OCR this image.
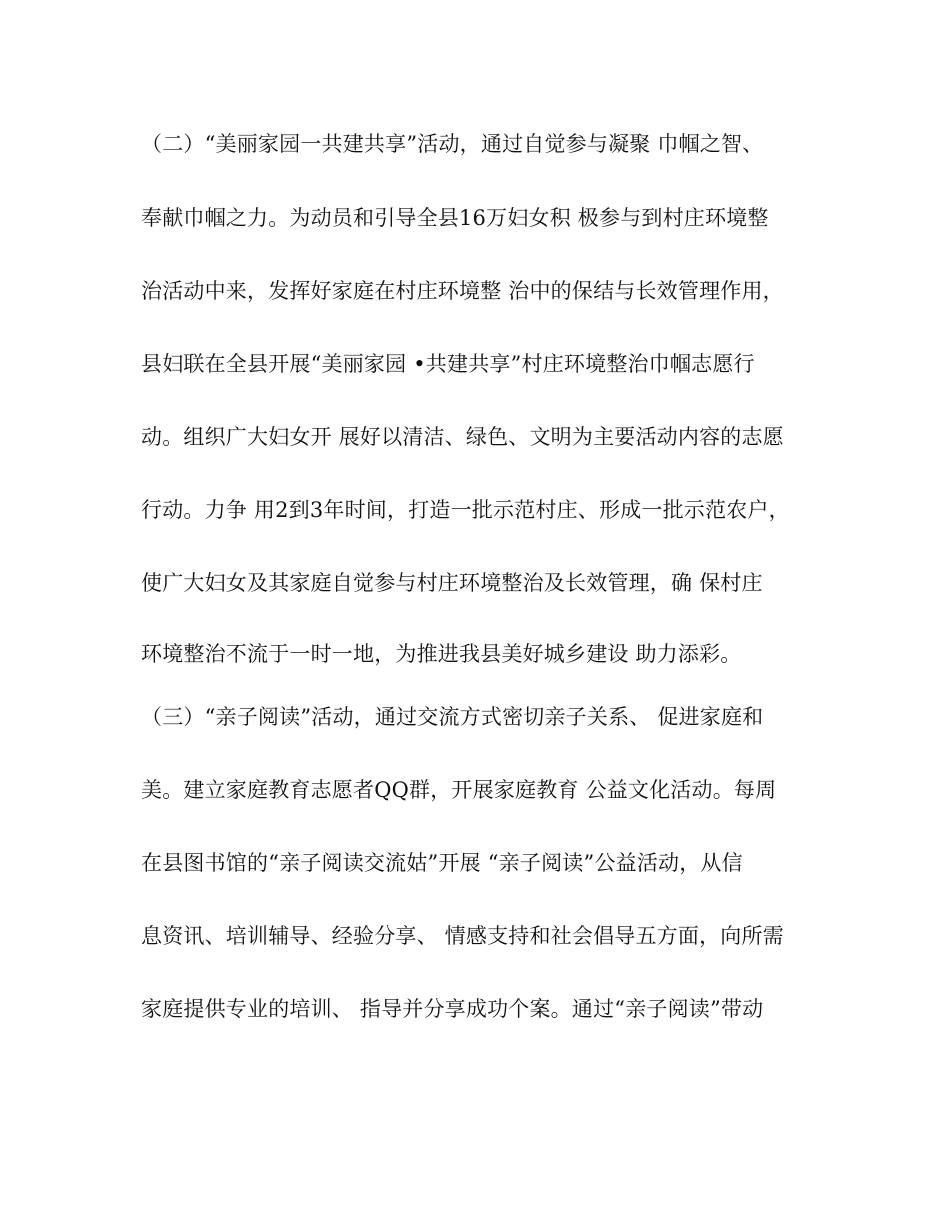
（二）“美丽家园一共建共享”活动，通过自觉参与凝聚 巾帼之智、
奉献巾帼之力。为动员和引导全县16万妇女积 极参与到村庄环境整
治活动中来，发挥好家庭在村庄环境整 治中的保结与长效管理作用，
县妇联在全县开展“美丽家园 •共建共享”村庄环境整治巾帼志愿行
动。组织广大妇女开 展好以清洁、绿色、文明为主要活动内容的志愿
行动。力争 用2到3年时间，打造一批示范村庄、形成一批示范农户，
使广大妇女及其家庭自觉参与村庄环境整治及长效管理，确 保村庄
环境整治不流于一时一地，为推进我县美好城乡建设 助力添彩。
（三）“亲子阅读”活动，通过交流方式密切亲子关系、 促进家庭和
美。建立家庭教育志愿者QQ群，开展家庭教育 公益文化活动。每周
在县图书馆的“亲子阅读交流姑”开展 “亲子阅读”公益活动，从信
息资讯、培训辅导、经验分享、 情感支持和社会倡导五方面，向所需
家庭提供专业的培训、 指导并分享成功个案。通过“亲子阅读”带动
